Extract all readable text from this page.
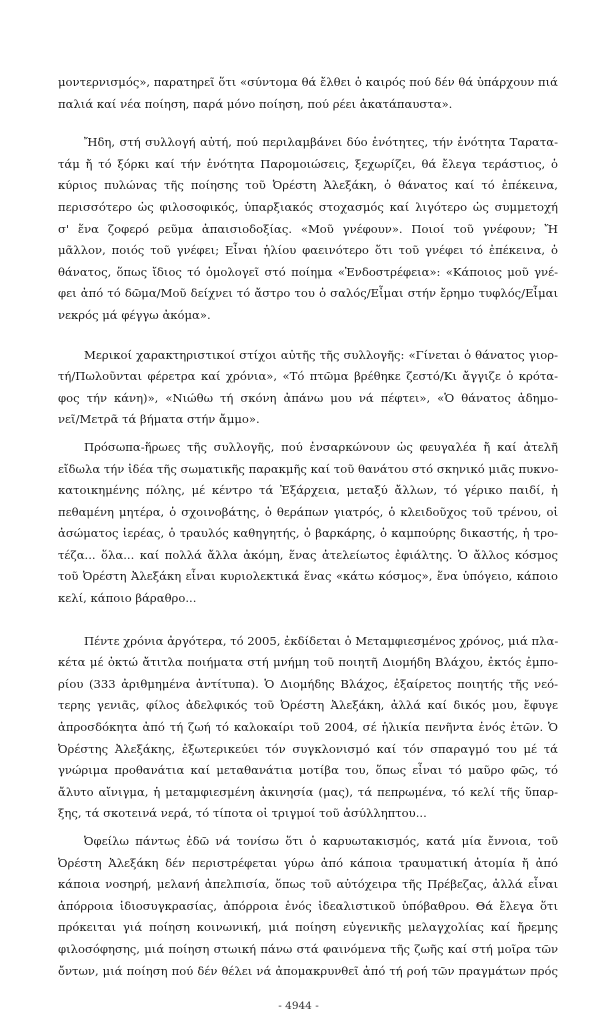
μοντερνισμός», παρατηρεῖ ὅτι «σύντομα θά ἔλθει ὁ καιρός πού δέν θά ὑπάρχουν πιά
παλιά καί νέα ποίηση, παρά μόνο ποίηση, πού ρέει ἀκατάπαυστα».

Ἤδη, στή συλλογή αὐτή, πού περιλαμβάνει δύο ἑνότητες, τήν ἑνότητα Ταρατα-
τάμ ἤ τό ξόρκι καί τήν ἑνότητα Παρομοιώσεις, ξεχωρίζει, θά ἔλεγα τεράστιος, ὁ
κύριος πυλώνας τῆς ποίησης τοῦ Ὀρέστη Ἀλεξάκη, ὁ θάνατος καί τό ἐπέκεινα,
περισσότερο ὡς φιλοσοφικός, ὑπαρξιακός στοχασμός καί λιγότερο ὡς συμμετοχή
σ' ἕνα ζοφερό ρεῦμα ἀπαισιοδοξίας. «Μοῦ γνέφουν». Ποιοί τοῦ γνέφουν; Ἤ
μᾶλλον, ποιός τοῦ γνέφει; Εἶναι ἡλίου φαεινότερο ὅτι τοῦ γνέφει τό ἐπέκεινα, ὁ
θάνατος, ὅπως ἴδιος τό ὁμολογεῖ στό ποίημα «Ἐνδοστρέφεια»: «Κάποιος μοῦ γνέ-
φει ἀπό τό δῶμα/Μοῦ δείχνει τό ἄστρο του ὁ σαλός/Εἶμαι στήν ἔρημο τυφλός/Εἶμαι
νεκρός μά φέγγω ἀκόμα».

Μερικοί χαρακτηριστικοί στίχοι αὐτῆς τῆς συλλογῆς: «Γίνεται ὁ θάνατος γιορ-
τή/Πωλοῦνται φέρετρα καί χρόνια», «Τό πτῶμα βρέθηκε ζεστό/Κι ἄγγιζε ὁ κρότα-
φος τήν κάνη)», «Νιώθω τή σκόνη ἀπάνω μου νά πέφτει», «Ὁ θάνατος ἀδημο-
νεῖ/Μετρᾶ τά βήματα στήν ἄμμο».

Πρόσωπα-ἥρωες τῆς συλλογῆς, πού ἐνσαρκώνουν ὡς φευγαλέα ἤ καί ἀτελῆ
εἴδωλα τήν ἰδέα τῆς σωματικῆς παρακμῆς καί τοῦ θανάτου στό σκηνικό μιᾶς πυκνο-
κατοικημένης πόλης, μέ κέντρο τά Ἐξάρχεια, μεταξύ ἄλλων, τό γέρικο παιδί, ἡ
πεθαμένη μητέρα, ὁ σχοινοβάτης, ὁ θεράπων γιατρός, ὁ κλειδοῦχος τοῦ τρένου, οἱ
ἀσώματος ἱερέας, ὁ τραυλός καθηγητής, ὁ βαρκάρης, ὁ καμπούρης δικαστής, ἡ τρο-
τέζα... ὅλα... καί πολλά ἄλλα ἀκόμη, ἕνας ἀτελείωτος ἐφιάλτης. Ὁ ἄλλος κόσμος
τοῦ Ὀρέστη Ἀλεξάκη εἶναι κυριολεκτικά ἕνας «κάτω κόσμος», ἕνα ὑπόγειο, κάποιο
κελί, κάποιο βάραθρο...

Πέντε χρόνια ἀργότερα, τό 2005, ἐκδίδεται ὁ Μεταμφιεσμένος χρόνος, μιά πλα-
κέτα μέ ὀκτώ ἄτιτλα ποιήματα στή μνήμη τοῦ ποιητῆ Διομήδη Βλάχου, ἐκτός ἐμπο-
ρίου (333 ἀριθμημένα ἀντίτυπα). Ὁ Διομήδης Βλάχος, ἐξαίρετος ποιητής τῆς νεό-
τερης γενιᾶς, φίλος ἀδελφικός τοῦ Ὀρέστη Ἀλεξάκη, ἀλλά καί δικός μου, ἔφυγε
ἀπροσδόκητα ἀπό τή ζωή τό καλοκαίρι τοῦ 2004, σέ ἡλικία πενῆντα ἑνός ἐτῶν. Ὁ
Ὀρέστης Ἀλεξάκης, ἐξωτερικεύει τόν συγκλονισμό καί τόν σπαραγμό του μέ τά
γνώριμα προθανάτια καί μεταθανάτια μοτίβα του, ὅπως εἶναι τό μαῦρο φῶς, τό
ἄλυτο αἴνιγμα, ἡ μεταμφιεσμένη ἀκινησία (μας), τά πεπρωμένα, τό κελί τῆς ὕπαρ-
ξης, τά σκοτεινά νερά, τό τίποτα οἱ τριγμοί τοῦ ἀσύλληπτου...

Ὀφείλω πάντως ἐδῶ νά τονίσω ὅτι ὁ καρυωτακισμός, κατά μία ἔννοια, τοῦ
Ὀρέστη Ἀλεξάκη δέν περιστρέφεται γύρω ἀπό κάποια τραυματική ἀτομία ἤ ἀπό
κάποια νοσηρή, μελανή ἀπελπισία, ὅπως τοῦ αὐτόχειρα τῆς Πρέβεζας, ἀλλά εἶναι
ἀπόρροια ἰδιοσυγκρασίας, ἀπόρροια ἑνός ἰδεαλιστικοῦ ὑπόβαθρου. Θά ἔλεγα ὅτι
πρόκειται γιά ποίηση κοινωνική, μιά ποίηση εὐγενικῆς μελαγχολίας καί ἤρεμης
φιλοσόφησης, μιά ποίηση στωική πάνω στά φαινόμενα τῆς ζωῆς καί στή μοῖρα τῶν
ὄντων, μιά ποίηση πού δέν θέλει νά ἀπομακρυνθεῖ ἀπό τή ροή τῶν πραγμάτων πρός

- 4944 -
